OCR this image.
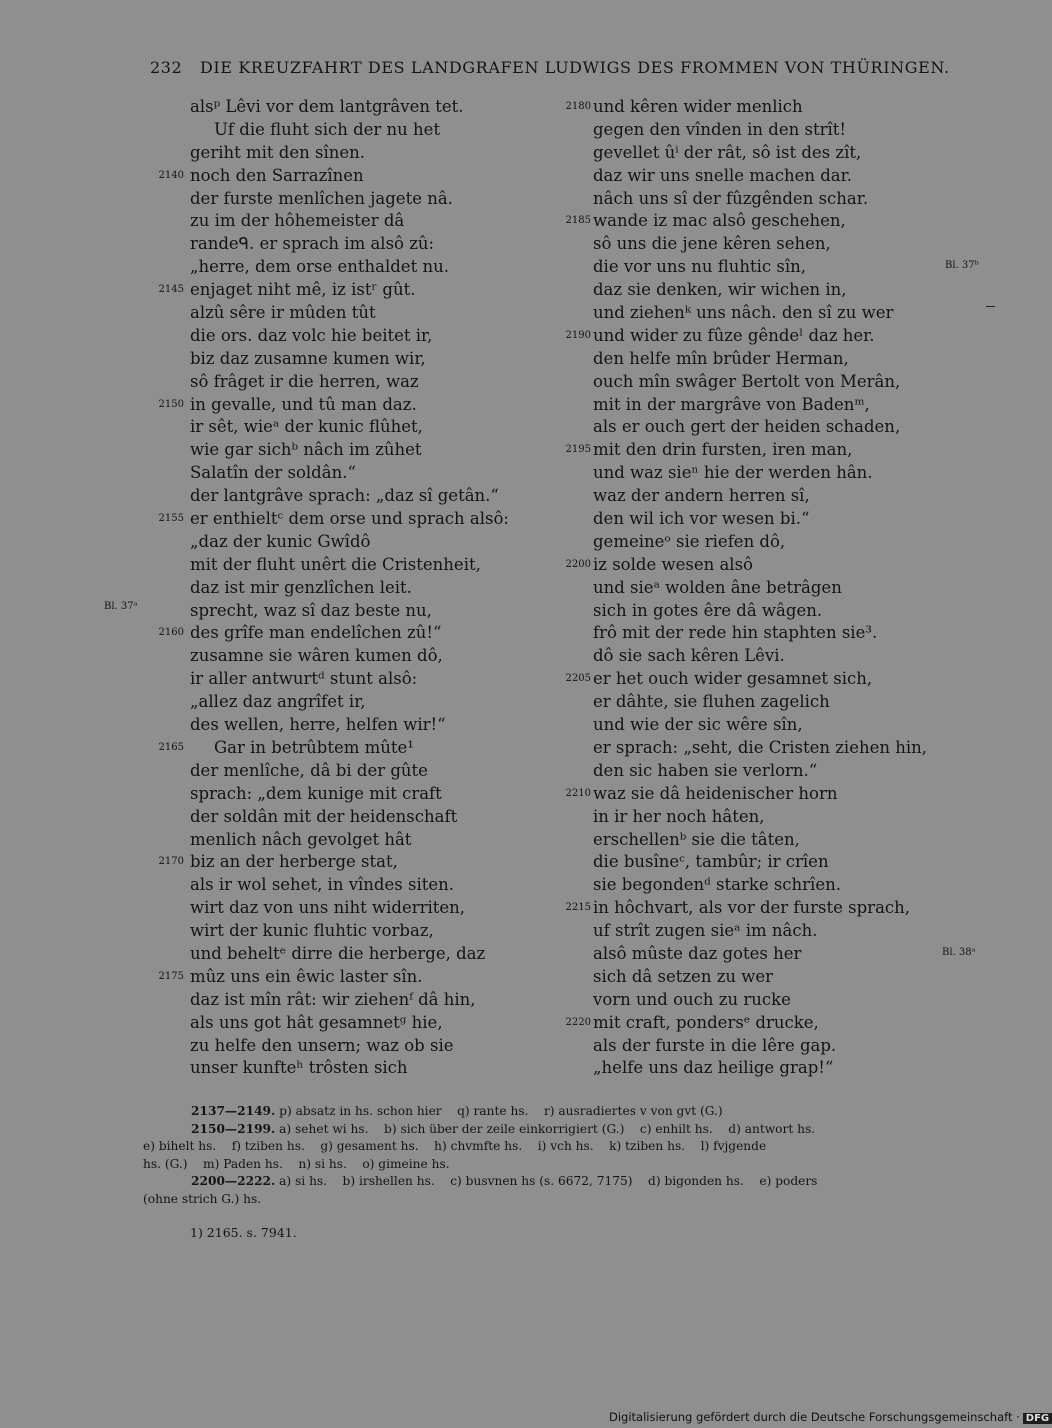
232 DIE KREUZFAHRT DES LANDGRAFEN LUDWIGS DES FROMMEN VON THÜRINGEN.
alsᵖ Lêvi vor dem lantgrâven tet.
Uf die fluht sich der nu het
geriht mit den sînen.
2140 noch den Sarrazînen
der furste menlîchen jagete nâ.
zu im der hôhemeister dâ
randeᑫ. er sprach im alsô zû:
„herre, dem orse enthaldet nu.
2145 enjaget niht mê, iz istʳ gût.
alzû sêre ir mûden tût
die ors. daz volc hie beitet ir,
biz daz zusamne kumen wir,
sô frâget ir die herren, waz
2150 in gevalle, und tû man daz.
ir sêt, wieᵃ der kunic flûhet,
wie gar sichᵇ nâch im zûhet
Salatîn der soldân.“
der lantgrâve sprach: „daz sî getân.“
2155 er enthieltᶜ dem orse und sprach alsô:
„daz der kunic Gwîdô
mit der fluht unêrt die Cristenheit,
daz ist mir genzlîchen leit.
sprecht, waz sî daz beste nu,
2160 des grîfe man endelîchen zû!“
zusamne sie wâren kumen dô,
ir aller antwurtᵈ stunt alsô:
„allez daz angrîfet ir,
des wellen, herre, helfen wir!“
2165 Gar in betrûbtem mûte¹
der menlîche, dâ bi der gûte
sprach: „dem kunige mit craft
der soldân mit der heidenschaft
menlich nâch gevolget hât
2170 biz an der herberge stat,
als ir wol sehet, in vîndes siten.
wirt daz von uns niht widerriten,
wirt der kunic fluhtic vorbaz,
und beheltᵉ dirre die herberge, daz
2175 mûz uns ein êwic laster sîn.
daz ist mîn rât: wir ziehenᶠ dâ hin,
als uns got hât gesamnetᵍ hie,
zu helfe den unsern; waz ob sie
unser kunfteʰ trôsten sich
2180 und kêren wider menlich
gegen den vînden in den strît!
gevellet ûⁱ der rât, sô ist des zît,
daz wir uns snelle machen dar.
nâch uns sî der fûzgênden schar.
2185 wande iz mac alsô geschehen,
sô uns die jene kêren sehen,
die vor uns nu fluhtic sîn,
daz sie denken, wir wichen in,
und ziehenᵏ uns nâch. den sî zu wer
2190 und wider zu fûze gêndeˡ daz her.
den helfe mîn brûder Herman,
ouch mîn swâger Bertolt von Merân,
mit in der margrâve von Badenᵐ,
als er ouch gert der heiden schaden,
2195 mit den drin fursten, iren man,
und waz sieⁿ hie der werden hân.
waz der andern herren sî,
den wil ich vor wesen bi.“
gemeineᵒ sie riefen dô,
2200 iz solde wesen alsô
und sieᵃ wolden âne betrâgen
sich in gotes êre dâ wâgen.
frô mit der rede hin staphten sie³.
dô sie sach kêren Lêvi.
2205 er het ouch wider gesamnet sich,
er dâhte, sie fluhen zagelich
und wie der sic wêre sîn,
er sprach: „seht, die Cristen ziehen hin,
den sic haben sie verlorn.“
2210 waz sie dâ heidenischer horn
in ir her noch hâten,
erschellenᵇ sie die tâten,
die busîneᶜ, tambûr; ir crîen
sie begondenᵈ starke schrîen.
2215 in hôchvart, als vor der furste sprach,
uf strît zugen sieᵃ im nâch.
alsô mûste daz gotes her
sich dâ setzen zu wer
vorn und ouch zu rucke
2220 mit craft, pondersᵉ drucke,
als der furste in die lêre gap.
„helfe uns daz heilige grap!“
Bl. 37ᵃ
Bl. 37ᵇ
Bl. 38ᵃ
2137—2149. p) absatz in hs. schon hier    q) rante hs.    r) ausradiertes v von gvt (G.)
2150—2199. a) sehet wi hs.    b) sich über der zeile einkorrigiert (G.)    c) enhilt hs.    d) antwort hs.
e) bihelt hs.    f) tziben hs.    g) gesament hs.    h) chvmfte hs.    i) vch hs.    k) tziben hs.    l) fvjgende
hs. (G.)    m) Paden hs.    n) si hs.    o) gimeine hs.
2200—2222. a) si hs.    b) irshellen hs.    c) busvnen hs (s. 6672, 7175)    d) bigonden hs.    e) poders
(ohne strich G.) hs.
1) 2165. s. 7941.
Digitalisierung gefördert durch die Deutsche Forschungsgemeinschaft · DFG
